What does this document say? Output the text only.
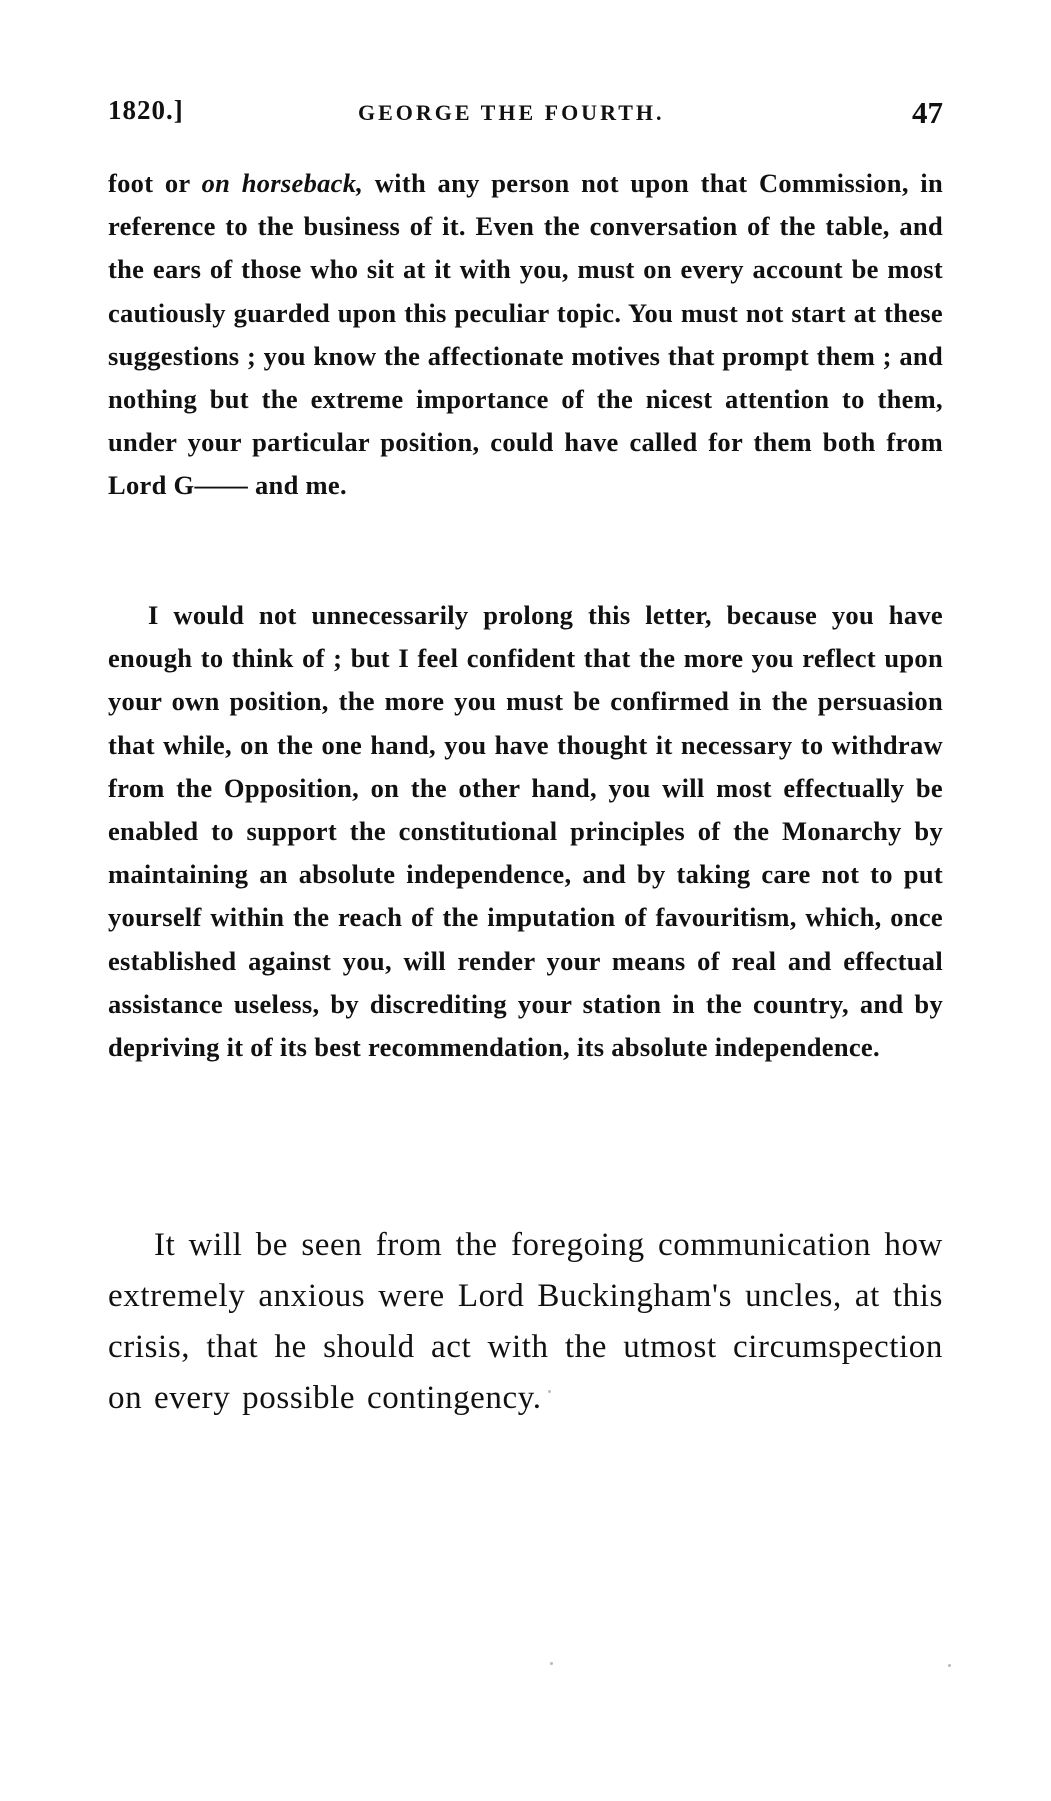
1820.]	GEORGE THE FOURTH.	47

foot or on horseback, with any person not upon that Commission, in reference to the business of it. Even the conversation of the table, and the ears of those who sit at it with you, must on every account be most cautiously guarded upon this peculiar topic. You must not start at these suggestions ; you know the affectionate motives that prompt them ; and nothing but the extreme importance of the nicest attention to them, under your particular position, could have called for them both from Lord G—— and me.

I would not unnecessarily prolong this letter, because you have enough to think of ; but I feel confident that the more you reflect upon your own position, the more you must be confirmed in the persuasion that while, on the one hand, you have thought it necessary to withdraw from the Opposition, on the other hand, you will most effectually be enabled to support the constitutional principles of the Monarchy by maintaining an absolute independence, and by taking care not to put yourself within the reach of the imputation of favouritism, which, once established against you, will render your means of real and effectual assistance useless, by discrediting your station in the country, and by depriving it of its best recommendation, its absolute independence.

It will be seen from the foregoing communication how extremely anxious were Lord Buckingham's uncles, at this crisis, that he should act with the utmost circumspection on every possible contingency.
